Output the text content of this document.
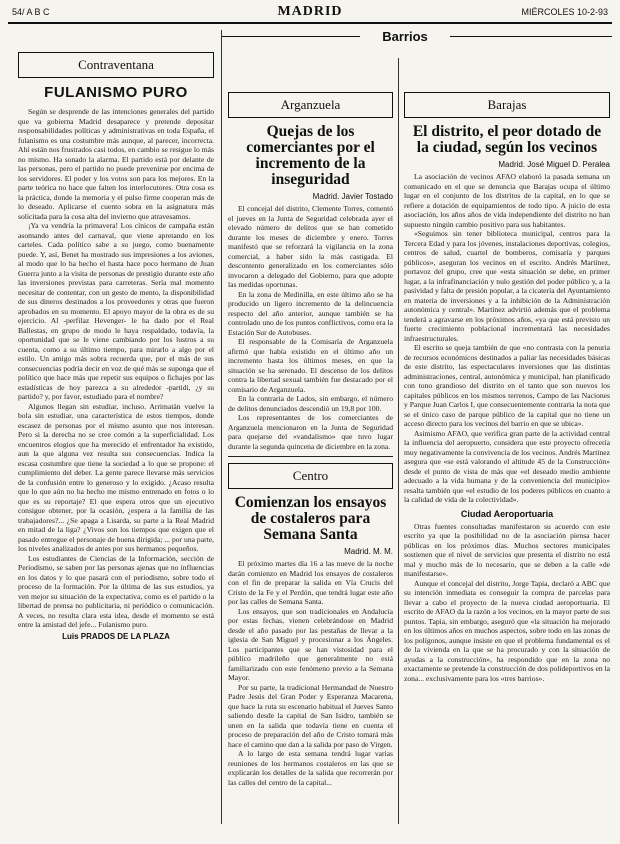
54/ A B C	MADRID	MIÉRCOLES 10-2-93
Barrios
Contraventana
FULANISMO PURO

Según se desprende de las intenciones generales del partido que va gobierna Madrid desaparece y pretende depositar responsabilidades políticas y administrativas en toda España, el fulanismo es una costumbre más aunque, al parecer, incorrecta. Ahí están nos frustrados casi todos, en cambio se resigue lo más no mismo. Ha sonado la alarma. El partido está por delante de las personas, pero el partido no puede prevenirse por encima de los servidores. El poder y los votos son para los mejores. En la parte teórica no hace que falten los interlocutores. Otra cosa es la práctica, donde la memoria y el pulso firme cooperan más de lo deseado. Aplicarse el cuento sobra en la asignatura más solicitada para la cosa alta del invierno que atravesamos.

¡Ya va vendría la primavera! Los cínicos de campaña están asomando antes del carnaval, que viene apretando en los carteles. Cada político sabe a su juego, como buenamente puede. Y, así, Benet ha mostrado sus impresiones a los aviones, al modo que lo ha hecho el hasta hace poco hermano de Juan Guerra junto a la visita de personas de prestigio durante este año las inversiones previstas para carreteras. Sería mal momento necesitar de contentar, con un gesto de mento, la disponibilidad de sus dineros destinados a los proveedores y otras que fueron aprobados en su momento. El apoyo mayor de la obra es de su ejercicio. Al -perfilaz Hevenger- le ha dado por el Real Ballestas, en grupo de modo le haya respaldado, todavía, la oportunidad que se le viene cambiando por los lustros a su cuenta, como a su último tiempo, para mirarlo a algo por el estilo. Un amigo más sobra recuerda que, por el más de sus consecuencias podría decir en voz de qué más se suponga que el político que hace más que repetir sus equipos o fichajes por las estadísticas de hoy parezca a su alrededor -partidi, ¿y su partido? y, por favor, estudiado para el nombre?

Algunos llegan sin estudiar, incluso. Arrimatán vuelve la bola sin estudiar, una característica de estos tiempos, donde escasez de personas por el mismo asunto que nos interesan. Pero si la derecha no se cree comón a la superficialidad. Los encuentros elogios que ha merecido el enfrentador ha existido, aun la que alguna vez resulta sus consecuencias. Indica la escasa costumbre que tiene la sociedad a lo que se propone: el cumplimiento del deber. La gente parece llevarse más servicios de la confusión entre lo generoso y lo exigido. ¿Acaso resulta que lo que aún no ha hecho me mismo entrenado en fotos o lo que es su reportaje? El que espera otros que un ejecutivo consigue obtener, por la ocasión, ¿espera a la familia de las trabajadores?... ¿Se apaga a Lisarda, su parte a la Real Madrid en mitad de la liga? ¿Vivos son los tiempos que exigen que el pasado entregue el personaje de buena dirigida; ... por una parte, los niveles analizados de antes por sus hermanos pequeños.

Los estudiantes de Ciencias de la Información, sección de Periodismo, se saben por las personas ajenas que no influencias en los datos y lo que pasará con el periodismo, sobre todo el proceso de la formación. Por la última de las sus estudios, ya ven mejor su situación de la expectativa, como es el partido o la libertad de prensa no publicitaria, ni periódico o comunicación. A veces, no resulta clara esta idea, desde el momento se está entre la amistad del jefe... Fulanismo puro.

Luis PRADOS DE LA PLAZA
Arganzuela
Quejas de los comerciantes por el incremento de la inseguridad
Madrid. Javier Tostado

El concejal del distrito, Clemente Torres, comentó el jueves en la Junta de Seguridad celebrada ayer el elevado número de delitos que se han cometido durante los meses de diciembre y enero. Torres manifestó que se reforzará la vigilancia en la zona comercial, a haber sido la más castigada. El descontento generalizado en los comerciantes sólo invocaron a delegado del Gobierno, para que adopte las medidas oportunas.

En la zona de Medinilla, en este último año se ha producido un ligero incremento de la delincuencia respecto del año anterior, aunque también se ha controlado uno de los puntos conflictivos, como era la Estación Sur de Autobuses.

El responsable de la Comisaría de Arganzuela afirmó que había existido en el último año un incremento hasta los últimos meses, en que la situación se ha serenado. El descenso de los delitos contra la libertad sexual también fue destacado por el comisario de Arganzuela.

En la contraria de Lados, sin embargo, el número de delitos denunciados descendió un 19,8 por 100.

Los representantes de los comerciantes de Arganzuela mencionaron en la Junta de Seguridad para quejarse del «vandalismo» que tuvo lugar durante la segunda quincena de diciembre en la zona.

Centro
Comienzan los ensayos de costaleros para Semana Santa
Madrid. M. M.

El próximo martes día 16 a las nueve de la noche darán comienzo en Madrid los ensayos de costaleros con el fin de preparar la salida en Vía Crucis del Cristo de la Fe y el Perdón, que tendrá lugar este año por las calles de Semana Santa.

Los ensayos, que son tradicionales en Andalucía por estas fechas, vienen celebrándose en Madrid desde el año pasado por las pestañas de llevar a la iglesia de San Miguel y procesionar a los Ángeles. Los participantes que se han vistosidad para el público madrileño que generalmente no está familiarizado con este fenómeno previo a la Semana Mayor.

Por su parte, la tradicional Hermandad de Nuestro Padre Jesús del Gran Poder y Esperanza Macarena, que hace la ruta su escenario habitual el Jueves Santo saliendo desde la capital de San Isidro, también se unen en la salida que todavía tiene en cuenta el proceso de preparación del año de Cristo tomará más hace el camino que dan a la salida por paso de Virgen.

A lo largo de esta semana tendrá lugar varias reuniones de los hermanos costaleros en las que se explicarán los detalles de la salida que recorrerán por las calles del centro de la capital...

Barajas
El distrito, el peor dotado de la ciudad, según los vecinos
Madrid. José Miguel D. Peralea

La asociación de vecinos AFAO elaboró la pasada semana un comunicado en el que se denuncia que Barajas ocupa el último lugar en el conjunto de los distritos de la capital, en lo que se refiere a dotación de equipamientos de todo tipo. A juicio de esta asociación, los años años de vida independiente del distrito no han supuesto ningún cambio positivo para sus habitantes.

«Seguimos sin tener biblioteca municipal, centros para la Tercera Edad y para los jóvenes, instalaciones deportivas, colegios, centros de salud, cuartel de bomberos, comisaría y parques públicos», aseguran los vecinos en el escrito. Andrés Martínez, portavoz del grupo, cree que «esta situación se debe, en primer lugar, a la infrafinanciación y nulo gestión del poder público y, a la pasividad y falta de presión popular, a la cicatería del Ayuntamiento en materia de inversiones y a la inhibición de la Administración autonómica y central». Martínez advirtió además que el problema tenderá a agravarse en los próximos años, «ya que está previsto un fuerte crecimiento poblacional incrementará las necesidades infraestructurales.

El escrito se queja también de que «no contrasta con la penuria de recursos económicos destinados a paliar las necesidades básicas de este distrito, las espectaculares inversiones que las distintas administraciones, central, autonómica y municipal, han planificado con tono grandioso del distrito en el tanto que son nuevos los capitales públicos en los mismos terrenos, Campo de las Naciones y Parque Juan Carlos I, que consecuentemente contraria la nota que se el único caso de parque público de la capital que no tiene un acceso directo para los vecinos del barrio en que se ubica».

Asimismo AFAO, que verifica gran parte de la actividad central la influencia del aeropuerto, considera que este proyecto ofrecería muy negativamente la convivencia de los vecinos. Andrés Martínez asegura que «se está valorando el altitude 45 de la Construcción» desde el punto de vista de más que «el deseado medio ambiente adecuado a la vida humana y de la conveniencia del municipio» resalta también que «el estudio de los poderes públicos en cuanto a la calidad de vida de la colectividad».

Ciudad Aeroportuaria

Otras fuentes consultadas manifestaron su acuerdo con este escrito ya que la posibilidad no de la asociación piensa hacer públicas en los próximos días. Muchos sectores municipales sostienen que el nivel de servicios que presenta el distrito no está mal y mucho más de lo necesario, que se deben a la calle «de manifestarse».

Aunque el concejal del distrito, Jorge Tapia, declaró a ABC que su intención inmediata es conseguir la compra de parcelas para llevar a cabo el proyecto de la nueva ciudad aeroportuaria. El escrito de AFAO da la razón a los vecinos, en la mayor parte de sus puntos. Tapia, sin embargo, aseguró que «la situación ha mejorado en los últimos años en muchos aspectos, sobre todo en las zonas de los polígonos, aunque insiste en que el problema fundamental es el de la vivienda en la que se ha procurado y con la situación de ayudas a la construcción», ha respondido que en la zona no exactamente se pretende la construcción de dos polideportivos en la zona... exclusivamente para los «tres barrios».
